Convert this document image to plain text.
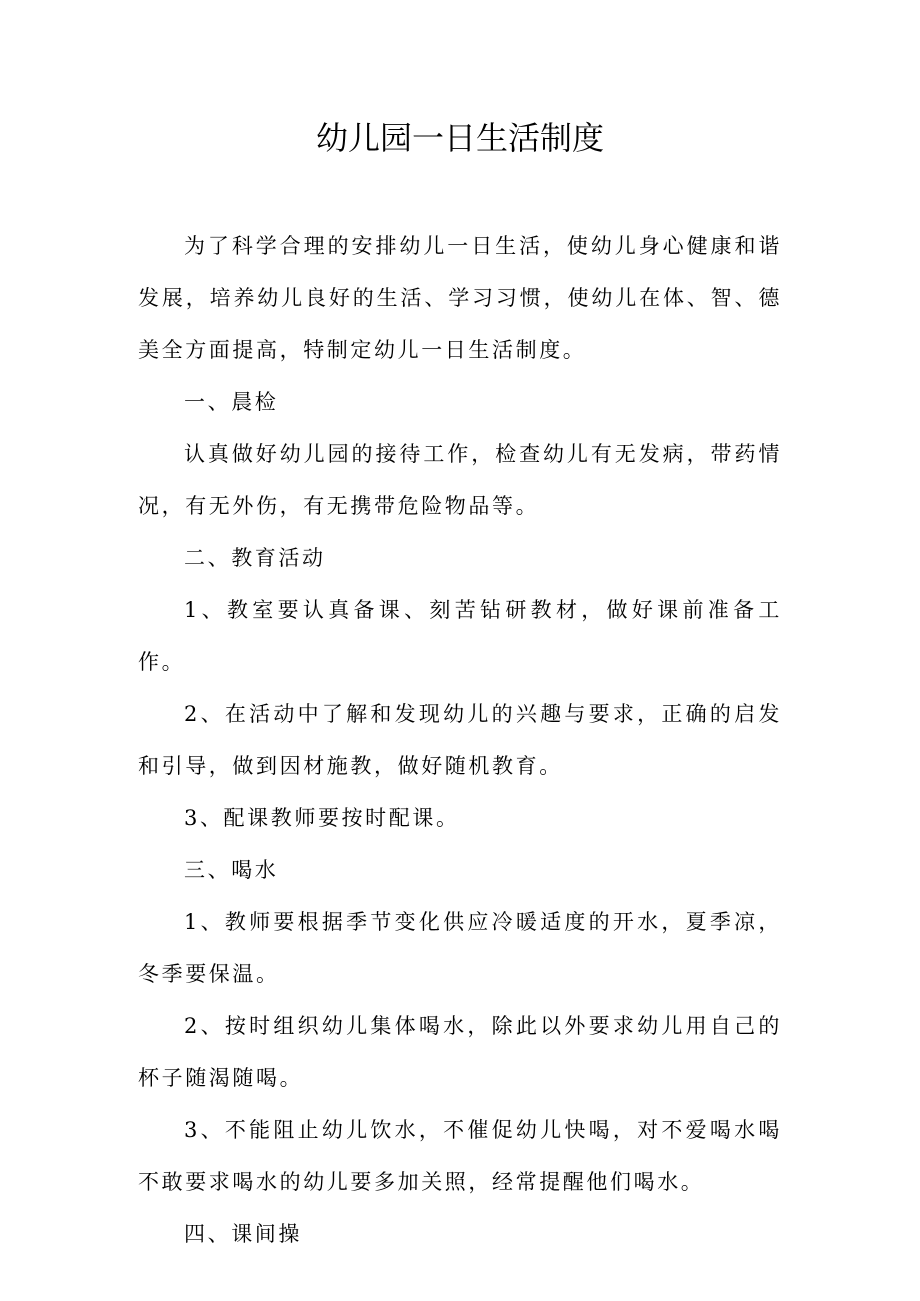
幼儿园一日生活制度

为了科学合理的安排幼儿一日生活，使幼儿身心健康和谐发展，培养幼儿良好的生活、学习习惯，使幼儿在体、智、德美全方面提高，特制定幼儿一日生活制度。

一、晨检

认真做好幼儿园的接待工作，检查幼儿有无发病，带药情况，有无外伤，有无携带危险物品等。

二、教育活动

1、教室要认真备课、刻苦钻研教材，做好课前准备工作。

2、在活动中了解和发现幼儿的兴趣与要求，正确的启发和引导，做到因材施教，做好随机教育。

3、配课教师要按时配课。

三、喝水

1、教师要根据季节变化供应冷暖适度的开水，夏季凉，冬季要保温。

2、按时组织幼儿集体喝水，除此以外要求幼儿用自己的杯子随渴随喝。

3、不能阻止幼儿饮水，不催促幼儿快喝，对不爱喝水喝不敢要求喝水的幼儿要多加关照，经常提醒他们喝水。

四、课间操
